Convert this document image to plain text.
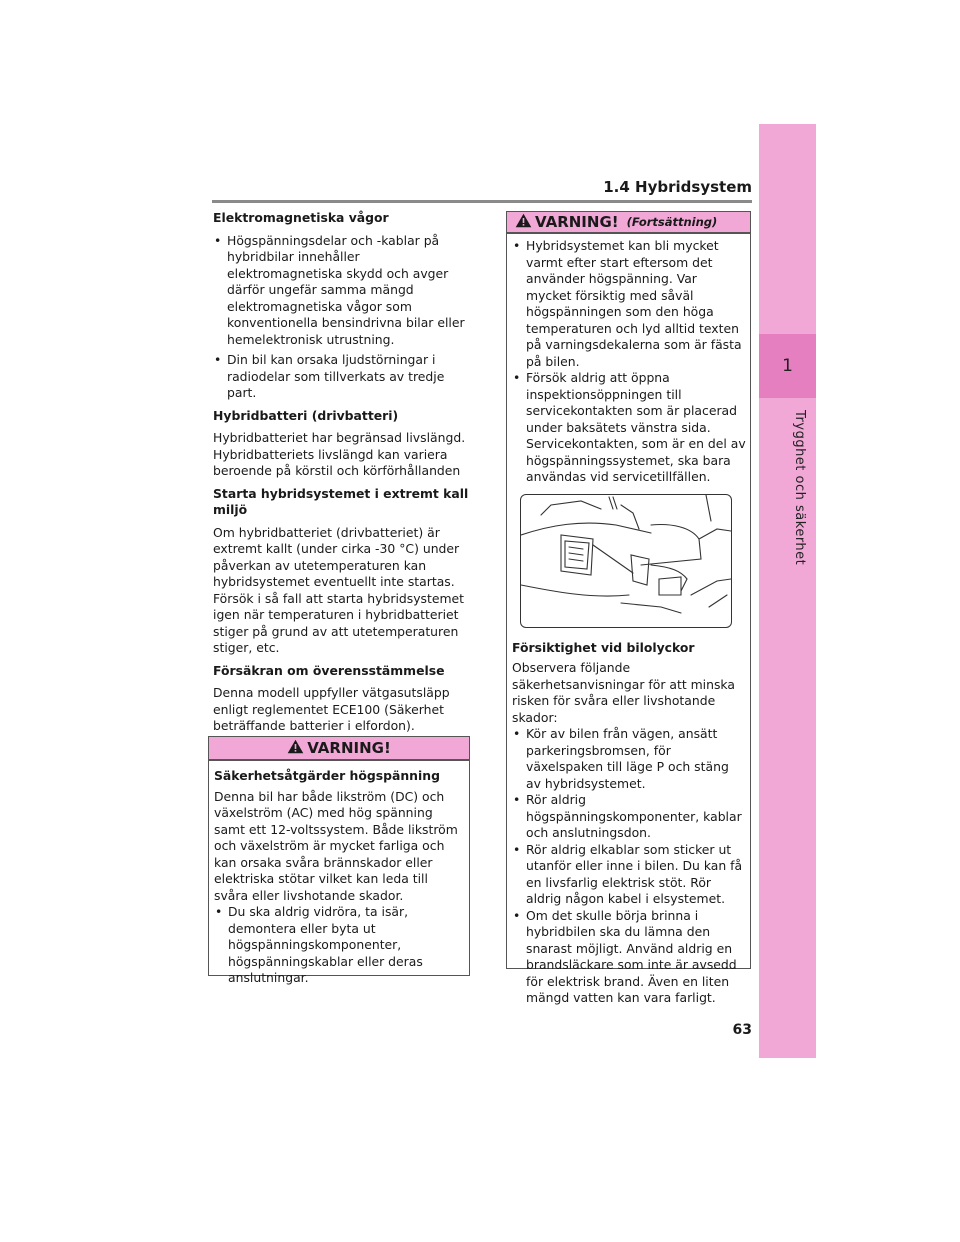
1.4 Hybridsystem
1
Trygghet och säkerhet
Elektromagnetiska vågor
• Högspänningsdelar och -kablar på hybridbilar innehåller elektromagnetiska skydd och avger därför ungefär samma mängd elektromagnetiska vågor som konventionella bensindrivna bilar eller hemelektronisk utrustning.
• Din bil kan orsaka ljudstörningar i radiodelar som tillverkats av tredje part.
Hybridbatteri (drivbatteri)

Hybridbatteriet har begränsad livslängd. Hybridbatteriets livslängd kan variera beroende på körstil och körförhållanden

Starta hybridsystemet i extremt kall miljö

Om hybridbatteriet (drivbatteriet) är extremt kallt (under cirka -30 °C) under påverkan av utetemperaturen kan hybridsystemet eventuellt inte startas. Försök i så fall att starta hybridsystemet igen när temperaturen i hybridbatteriet stiger på grund av att utetemperaturen stiger, etc.

Försäkran om överensstämmelse

Denna modell uppfyller vätgasutsläpp enligt reglementet ECE100 (Säkerhet beträffande batterier i elfordon).

VARNING!
Säkerhetsåtgärder högspänning

Denna bil har både likström (DC) och växelström (AC) med hög spänning samt ett 12-voltssystem. Både likström och växelström är mycket farliga och kan orsaka svåra brännskador eller elektriska stötar vilket kan leda till svåra eller livshotande skador.

• Du ska aldrig vidröra, ta isär, demontera eller byta ut högspänningskomponenter, högspänningskablar eller deras anslutningar.
VARNING! (Fortsättning)
• Hybridsystemet kan bli mycket varmt efter start eftersom det använder högspänning. Var mycket försiktig med såväl högspänningen som den höga temperaturen och lyd alltid texten på varningsdekalerna som är fästa på bilen.
• Försök aldrig att öppna inspektionsöppningen till servicekontakten som är placerad under baksätets vänstra sida. Servicekontakten, som är en del av högspänningssystemet, ska bara användas vid servicetillfällen.
Försiktighet vid bilolyckor

Observera följande säkerhetsanvisningar för att minska risken för svåra eller livshotande skador:

• Kör av bilen från vägen, ansätt parkeringsbromsen, för växelspaken till läge P och stäng av hybridsystemet.
• Rör aldrig högspänningskomponenter, kablar och anslutningsdon.
• Rör aldrig elkablar som sticker ut utanför eller inne i bilen. Du kan få en livsfarlig elektrisk stöt. Rör aldrig någon kabel i elsystemet.
• Om det skulle börja brinna i hybridbilen ska du lämna den snarast möjligt. Använd aldrig en brandsläckare som inte är avsedd för elektrisk brand. Även en liten mängd vatten kan vara farligt.
63
